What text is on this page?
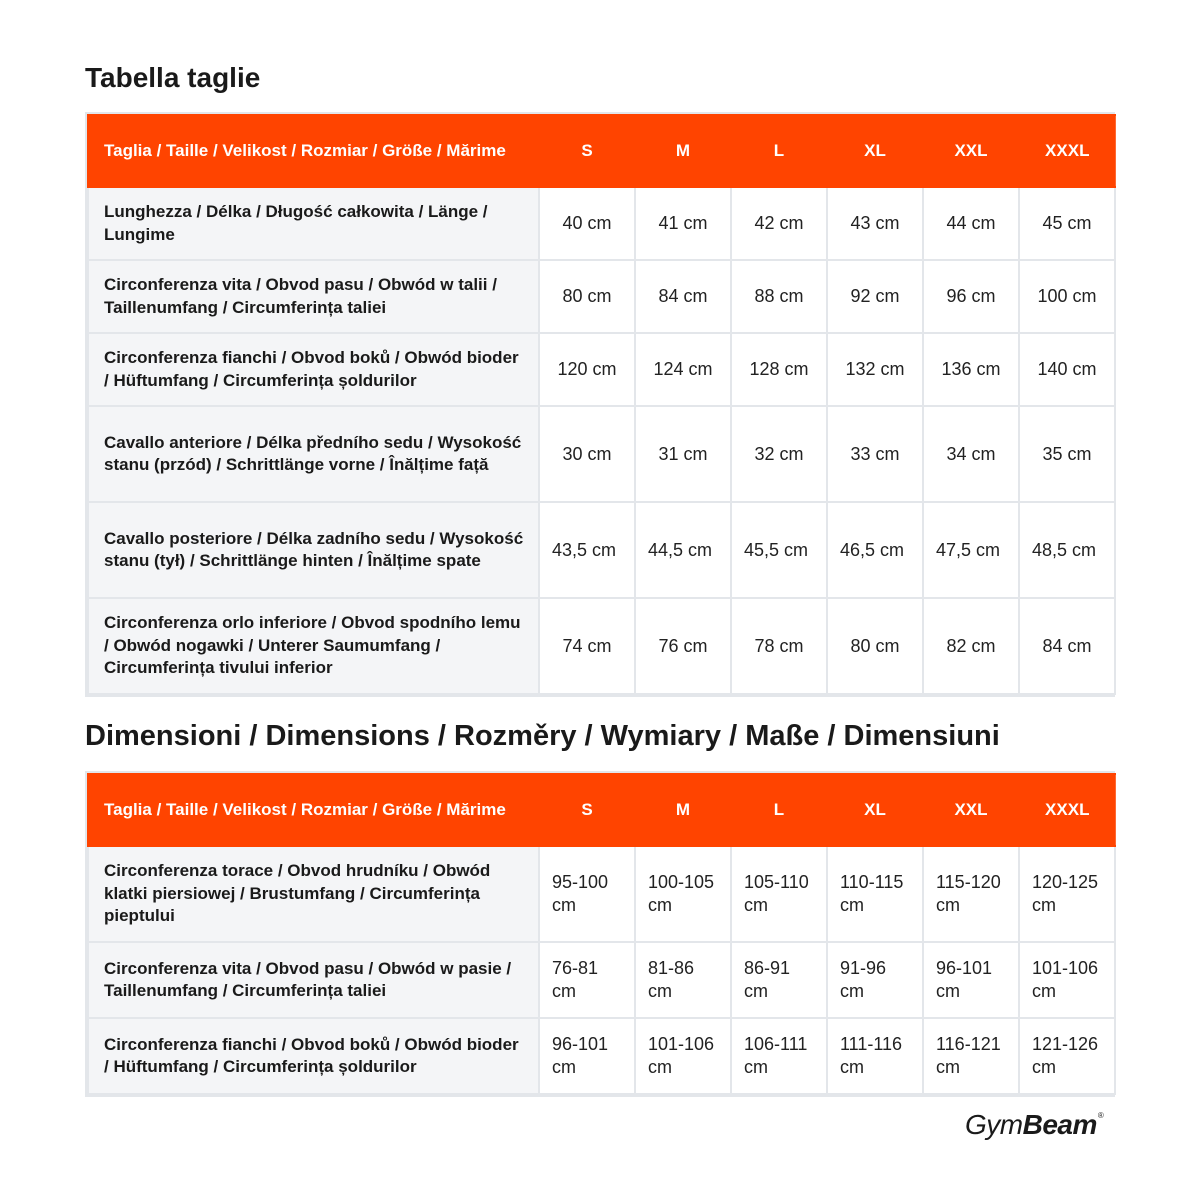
Tabella taglie
Taglia / Taille / Velikost / Rozmiar / Größe / Mărime	S	M	L	XL	XXL	XXXL
Lunghezza / Délka / Długość całkowita / Länge / Lungime	40 cm	41 cm	42 cm	43 cm	44 cm	45 cm
Circonferenza vita / Obvod pasu / Obwód w talii / Taillenumfang / Circumferința taliei	80 cm	84 cm	88 cm	92 cm	96 cm	100 cm
Circonferenza fianchi / Obvod boků / Obwód bioder / Hüftumfang / Circumferința șoldurilor	120 cm	124 cm	128 cm	132 cm	136 cm	140 cm
Cavallo anteriore / Délka předního sedu / Wysokość stanu (przód) / Schrittlänge vorne / Înălțime față	30 cm	31 cm	32 cm	33 cm	34 cm	35 cm
Cavallo posteriore / Délka zadního sedu / Wysokość stanu (tył) / Schrittlänge hinten / Înălțime spate	43,5 cm	44,5 cm	45,5 cm	46,5 cm	47,5 cm	48,5 cm
Circonferenza orlo inferiore / Obvod spodního lemu / Obwód nogawki / Unterer Saumumfang / Circumferința tivului inferior	74 cm	76 cm	78 cm	80 cm	82 cm	84 cm
Dimensioni / Dimensions / Rozměry / Wymiary / Maße / Dimensiuni
Taglia / Taille / Velikost / Rozmiar / Größe / Mărime	S	M	L	XL	XXL	XXXL
Circonferenza torace / Obvod hrudníku / Obwód klatki piersiowej / Brustumfang / Circumferința pieptului	95-100 cm	100-105 cm	105-110 cm	110-115 cm	115-120 cm	120-125 cm
Circonferenza vita / Obvod pasu / Obwód w pasie / Taillenumfang / Circumferința taliei	76-81 cm	81-86 cm	86-91 cm	91-96 cm	96-101 cm	101-106 cm
Circonferenza fianchi / Obvod boků / Obwód bioder / Hüftumfang / Circumferința șoldurilor	96-101 cm	101-106 cm	106-111 cm	111-116 cm	116-121 cm	121-126 cm
GymBeam®
